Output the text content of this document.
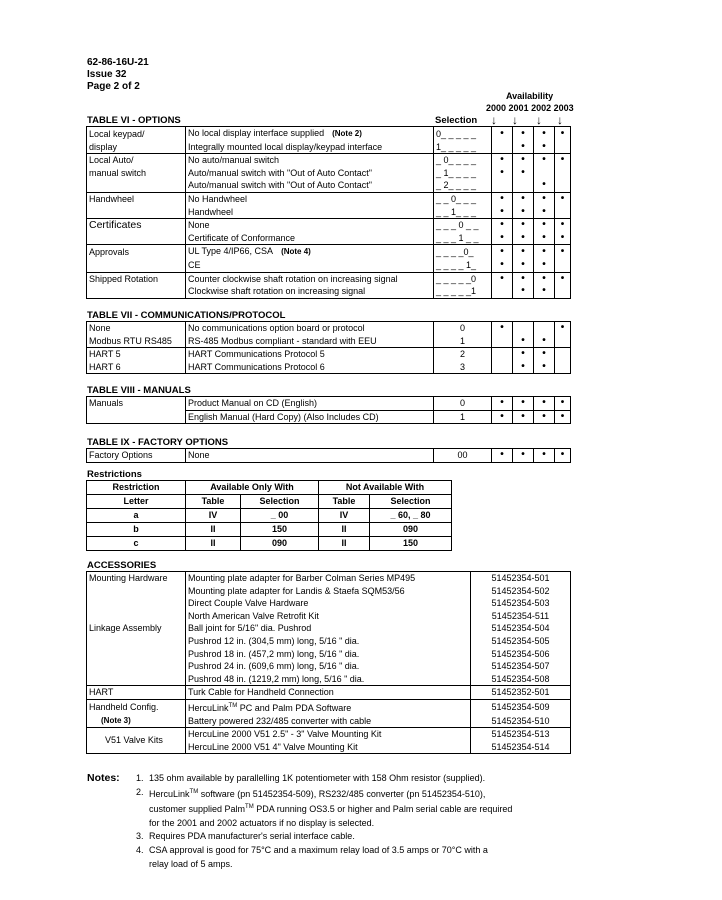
62-86-16U-21
Issue 32
Page 2 of 2
Availability
2000 2001 2002 2003
↓ ↓ ↓ ↓
TABLE VI - OPTIONS	Selection
Local keypad/	No local display interface supplied (Note 2)	0_ _ _ _ _	•	•	•	•
display	Integrally mounted local display/keypad interface	1_ _ _ _ _		•	•	
Local Auto/	No auto/manual switch	_ 0_ _ _ _	•	•	•	•
manual switch	Auto/manual switch with "Out of Auto Contact"	_ 1_ _ _ _	•	•		
	Auto/manual switch with "Out of Auto Contact"	_ 2_ _ _ _			•	
Handwheel	No Handwheel	_ _ 0_ _ _	•	•	•	•
	Handwheel	_ _ 1_ _ _	•	•	•	
Certificates	None	_ _ _ 0 _ _	•	•	•	•
	Certificate of Conformance	_ _ _ 1 _ _	•	•	•	•
Approvals	UL Type 4/IP66, CSA (Note 4)	_ _ _ _0_	•	•	•	•
	CE	_ _ _ _ 1_	•	•	•	
Shipped Rotation	Counter clockwise shaft rotation on increasing signal	_ _ _ _ _0	•	•	•	•
	Clockwise shaft rotation on increasing signal	_ _ _ _ _1		•	•	
TABLE VII - COMMUNICATIONS/PROTOCOL
None	No communications option board or protocol	0	•			•
Modbus RTU RS485	RS-485 Modbus compliant - standard with EEU	1		•	•	
HART 5	HART Communications Protocol 5	2		•	•	
HART 6	HART Communications Protocol 6	3		•	•	
TABLE VIII - MANUALS
Manuals	Product Manual on CD (English)	0	•	•	•	•
	English Manual (Hard Copy) (Also Includes CD)	1	•	•	•	•
TABLE IX - FACTORY OPTIONS
Factory Options	None	00	•	•	•	•
Restrictions
Restriction	Available Only With		Not Available With	
Letter	Table	Selection	Table	Selection
a	IV	_ 00	IV	_ 60, _ 80
b	II	150	II	090
c	II	090	II	150
ACCESSORIES
Mounting Hardware	Mounting plate adapter for Barber Colman Series MP495	51452354-501
	Mounting plate adapter for Landis & Staefa SQM53/56	51452354-502
	Direct Couple Valve Hardware	51452354-503
	North American Valve Retrofit Kit	51452354-511
Linkage Assembly	Ball joint for 5/16" dia. Pushrod	51452354-504
	Pushrod 12 in. (304,5 mm) long, 5/16 " dia.	51452354-505
	Pushrod 18 in. (457,2 mm) long, 5/16 " dia.	51452354-506
	Pushrod 24 in. (609,6 mm) long, 5/16 " dia.	51452354-507
	Pushrod 48 in. (1219,2 mm) long, 5/16 " dia.	51452354-508
HART	Turk Cable for Handheld Connection	51452352-501
Handheld Config.	HercuLink™ PC and Palm PDA Software	51452354-509
(Note 3)	Battery powered 232/485 converter with cable	51452354-510
V51 Valve Kits	HercuLine 2000 V51 2.5" - 3" Valve Mounting Kit	51452354-513
	HercuLine 2000 V51 4" Valve Mounting Kit	51452354-514
Notes: 1. 135 ohm available by parallelling 1K potentiometer with 158 Ohm resistor (supplied).
2. HercuLink™ software (pn 51452354-509), RS232/485 converter (pn 51452354-510),
customer supplied Palm™ PDA running OS3.5 or higher and Palm serial cable are required
for the 2001 and 2002 actuators if no display is selected.
3. Requires PDA manufacturer's serial interface cable.
4. CSA approval is good for 75°C and a maximum relay load of 3.5 amps or 70°C with a
relay load of 5 amps.
